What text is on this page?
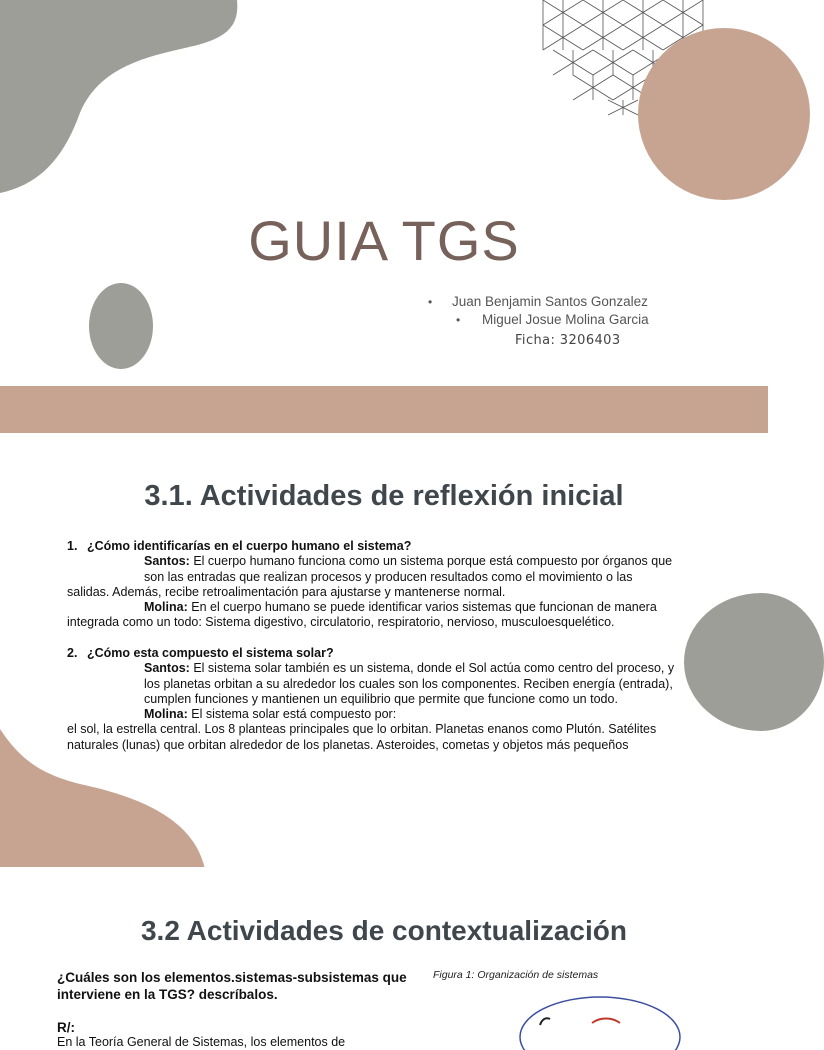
GUIA TGS
•	Juan Benjamin Santos Gonzalez
•	Miguel Josue Molina Garcia
Ficha: 3206403
3.1. Actividades de reflexión inicial
1. ¿Cómo identificarías en el cuerpo humano el sistema?
Santos: El cuerpo humano funciona como un sistema porque está compuesto por órganos que
son las entradas que realizan procesos y producen resultados como el movimiento o las
salidas. Además, recibe retroalimentación para ajustarse y mantenerse normal.
Molina: En el cuerpo humano se puede identificar varios sistemas que funcionan de manera
integrada como un todo: Sistema digestivo, circulatorio, respiratorio, nervioso, musculoesquelético.
2. ¿Cómo esta compuesto el sistema solar?
Santos: El sistema solar también es un sistema, donde el Sol actúa como centro del proceso, y
los planetas orbitan a su alrededor los cuales son los componentes. Reciben energía (entrada),
cumplen funciones y mantienen un equilibrio que permite que funcione como un todo.
Molina: El sistema solar está compuesto por:
el sol, la estrella central. Los 8 planteas principales que lo orbitan. Planetas enanos como Plutón. Satélites
naturales (lunas) que orbitan alrededor de los planetas. Asteroides, cometas y objetos más pequeños
3.2 Actividades de contextualización
¿Cuáles son los elementos.sistemas-subsistemas que interviene en la TGS? descríbalos.
R/:
En la Teoría General de Sistemas, los elementos de
Figura 1: Organización de sistemas
